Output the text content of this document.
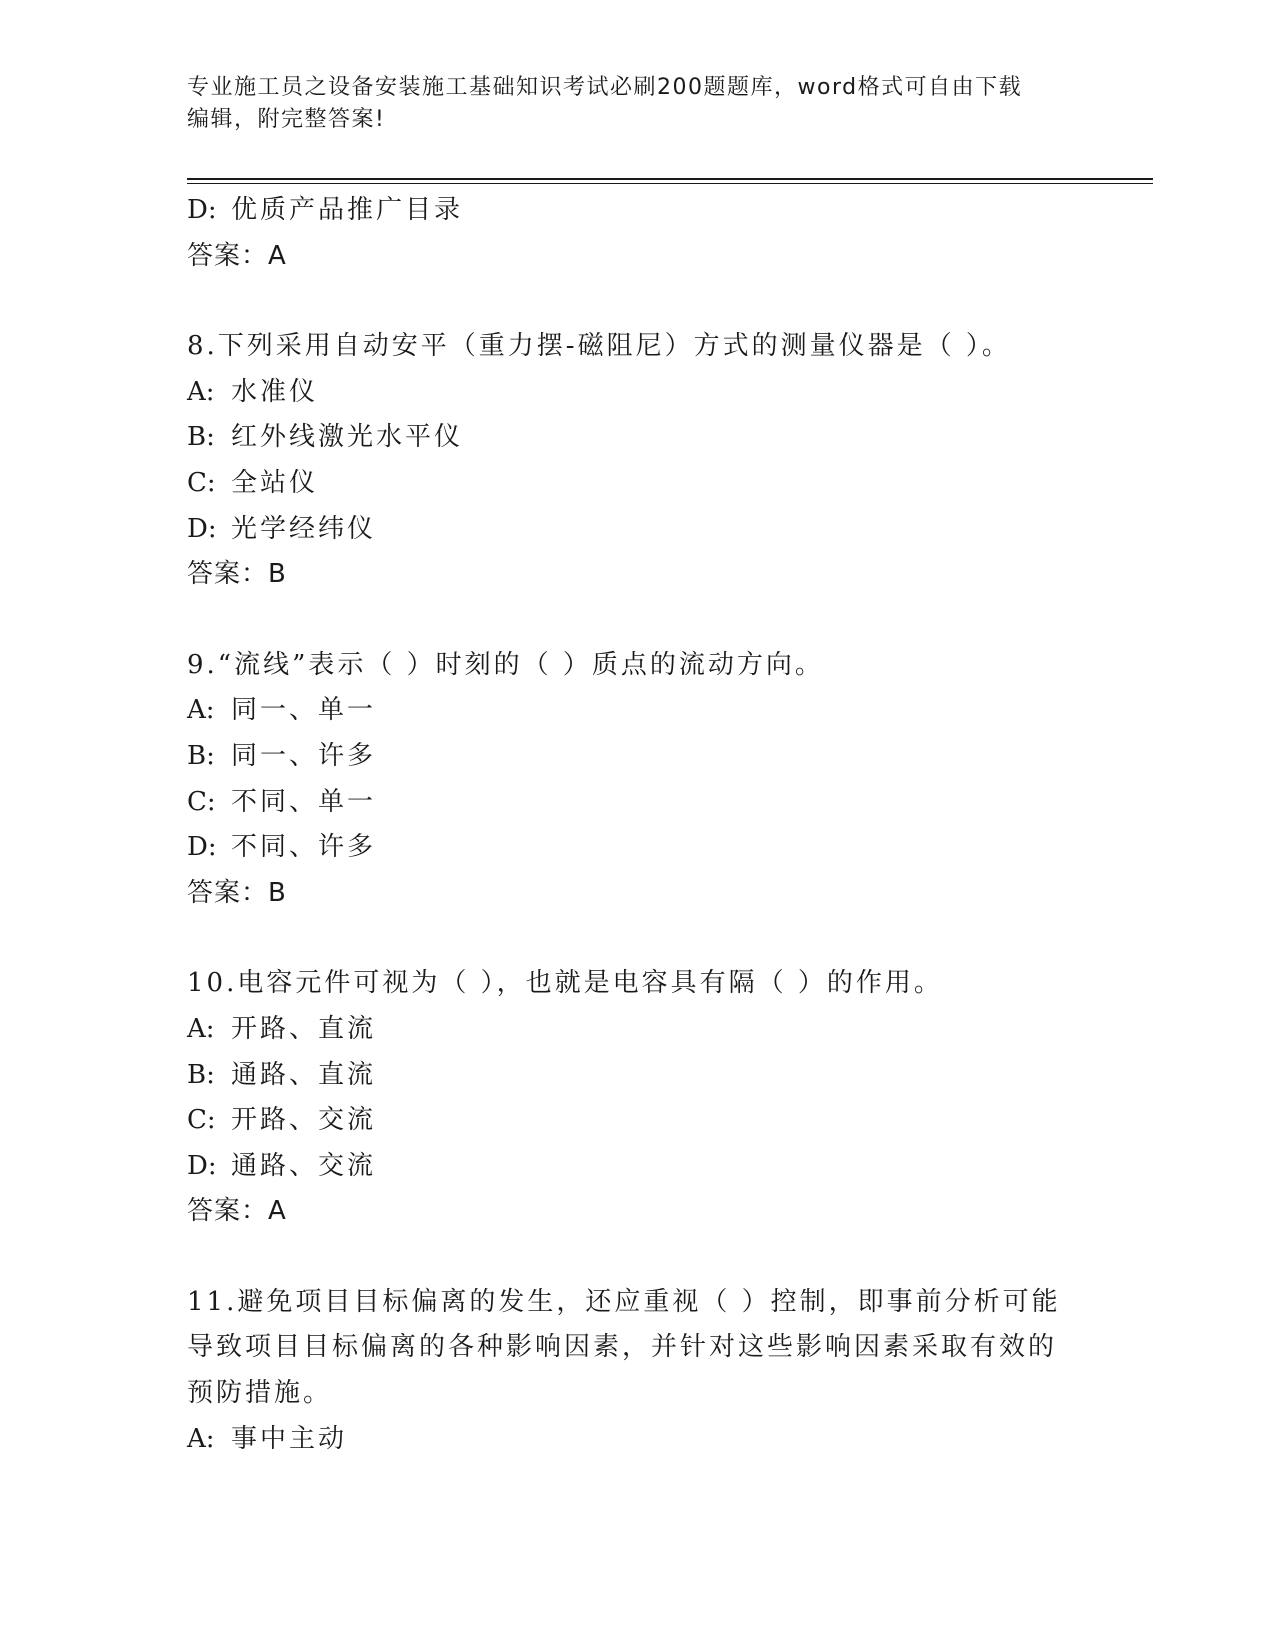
专业施工员之设备安装施工基础知识考试必刷200题题库，word格式可自由下载
编辑，附完整答案!
D: 优质产品推广目录
答案：A
8.下列采用自动安平（重力摆-磁阻尼）方式的测量仪器是（ ）。
A: 水准仪
B: 红外线激光水平仪
C: 全站仪
D: 光学经纬仪
答案：B
9.“流线”表示（ ）时刻的（ ）质点的流动方向。
A: 同一、单一
B: 同一、许多
C: 不同、单一
D: 不同、许多
答案：B
10.电容元件可视为（ ），也就是电容具有隔（ ）的作用。
A: 开路、直流
B: 通路、直流
C: 开路、交流
D: 通路、交流
答案：A
11.避免项目目标偏离的发生，还应重视（ ）控制，即事前分析可能
导致项目目标偏离的各种影响因素，并针对这些影响因素采取有效的
预防措施。
A: 事中主动
